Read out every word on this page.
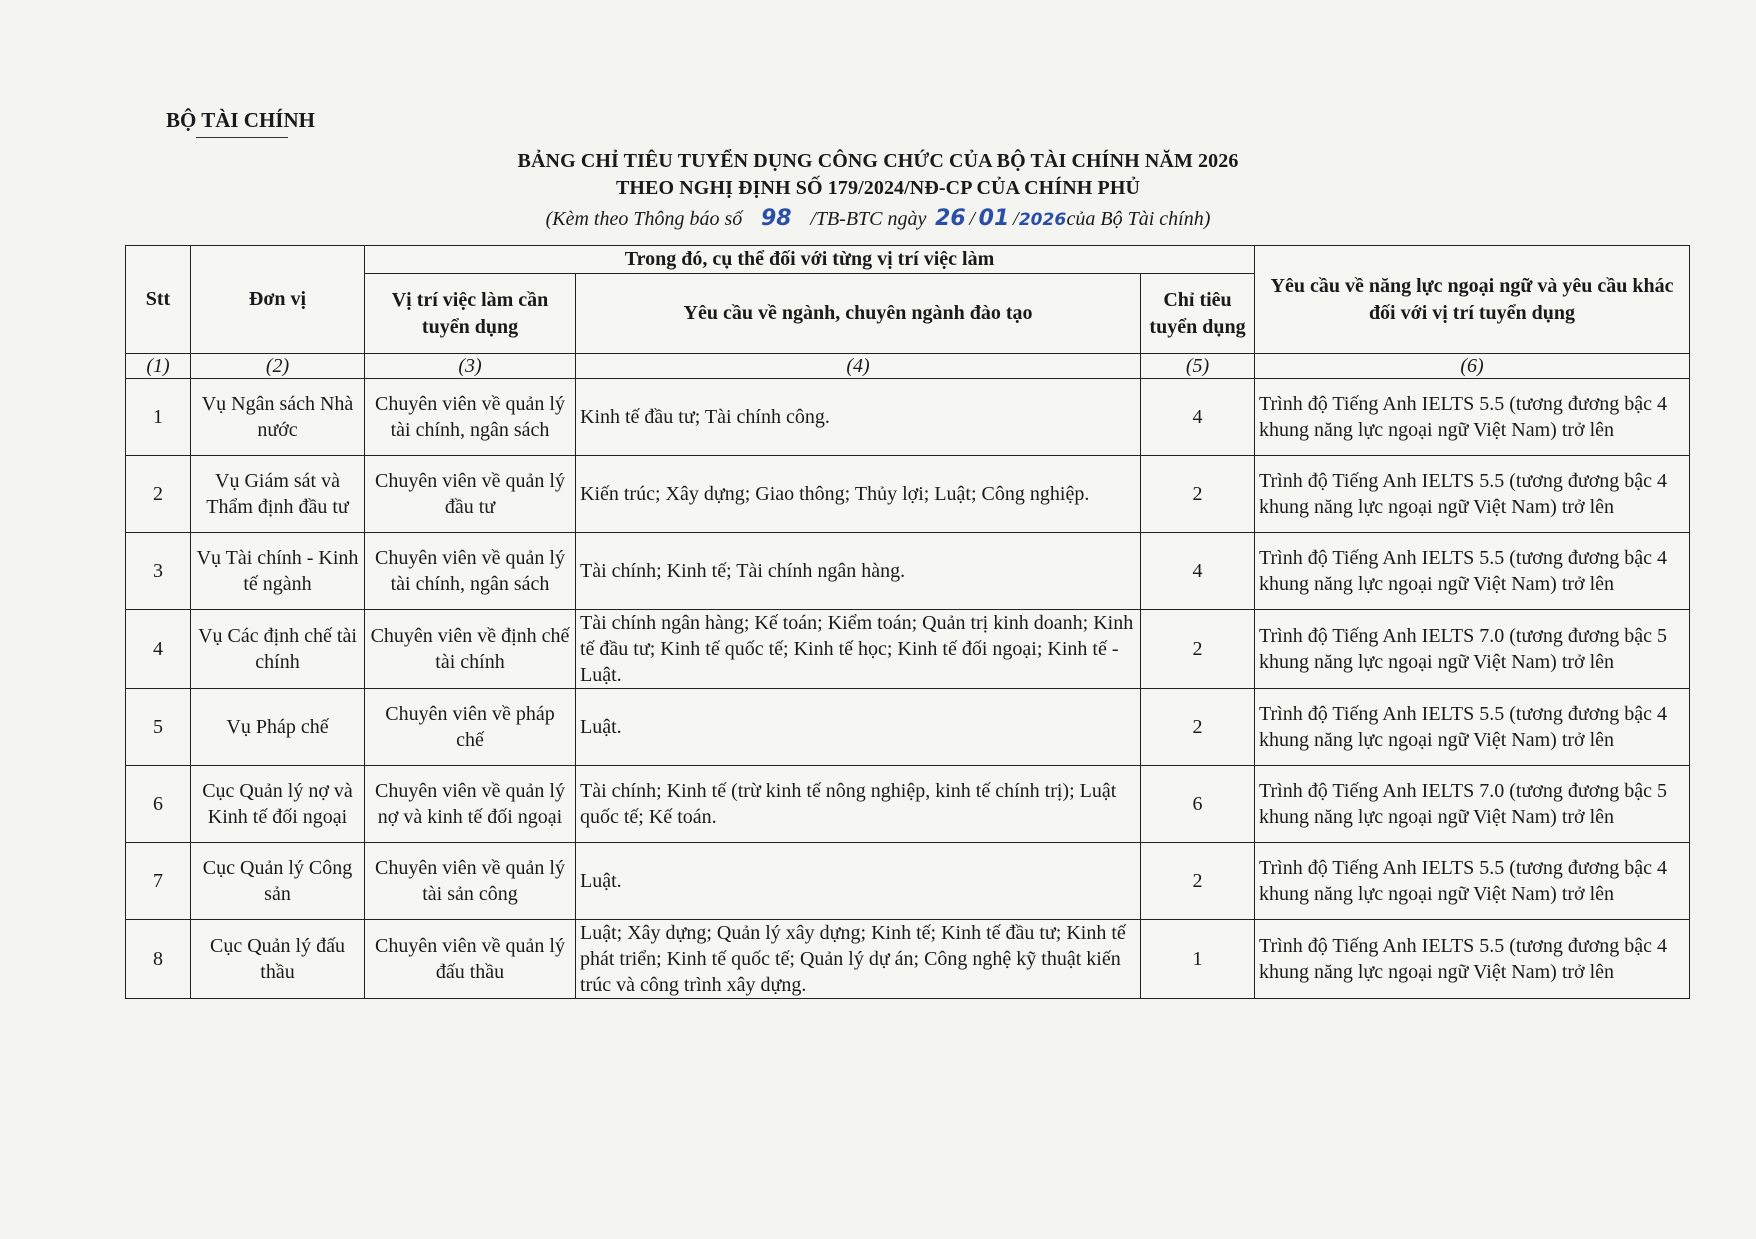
BỘ TÀI CHÍNH
BẢNG CHỈ TIÊU TUYỂN DỤNG CÔNG CHỨC CỦA BỘ TÀI CHÍNH NĂM 2026
THEO NGHỊ ĐỊNH SỐ 179/2024/NĐ-CP CỦA CHÍNH PHỦ
(Kèm theo Thông báo số 98 /TB-BTC ngày 26 / 01 /2026của Bộ Tài chính)
Stt	Đơn vị	Trong đó, cụ thể đối với từng vị trí việc làm			Yêu cầu về năng lực ngoại ngữ và yêu cầu khác đối với vị trí tuyển dụng
		Vị trí việc làm cần tuyển dụng	Yêu cầu về ngành, chuyên ngành đào tạo	Chỉ tiêu tuyển dụng	
(1)	(2)	(3)	(4)	(5)	(6)
1	Vụ Ngân sách Nhà nước	Chuyên viên về quản lý tài chính, ngân sách	Kinh tế đầu tư; Tài chính công.	4	Trình độ Tiếng Anh IELTS 5.5 (tương đương bậc 4 khung năng lực ngoại ngữ Việt Nam) trở lên
2	Vụ Giám sát và Thẩm định đầu tư	Chuyên viên về quản lý đầu tư	Kiến trúc; Xây dựng; Giao thông; Thủy lợi; Luật; Công nghiệp.	2	Trình độ Tiếng Anh IELTS 5.5 (tương đương bậc 4 khung năng lực ngoại ngữ Việt Nam) trở lên
3	Vụ Tài chính - Kinh tế ngành	Chuyên viên về quản lý tài chính, ngân sách	Tài chính; Kinh tế; Tài chính ngân hàng.	4	Trình độ Tiếng Anh IELTS 5.5 (tương đương bậc 4 khung năng lực ngoại ngữ Việt Nam) trở lên
4	Vụ Các định chế tài chính	Chuyên viên về định chế tài chính	Tài chính ngân hàng; Kế toán; Kiểm toán; Quản trị kinh doanh; Kinh tế đầu tư; Kinh tế quốc tế; Kinh tế học; Kinh tế đối ngoại; Kinh tế - Luật.	2	Trình độ Tiếng Anh IELTS 7.0 (tương đương bậc 5 khung năng lực ngoại ngữ Việt Nam) trở lên
5	Vụ Pháp chế	Chuyên viên về pháp chế	Luật.	2	Trình độ Tiếng Anh IELTS 5.5 (tương đương bậc 4 khung năng lực ngoại ngữ Việt Nam) trở lên
6	Cục Quản lý nợ và Kinh tế đối ngoại	Chuyên viên về quản lý nợ và kinh tế đối ngoại	Tài chính; Kinh tế (trừ kinh tế nông nghiệp, kinh tế chính trị); Luật quốc tế; Kế toán.	6	Trình độ Tiếng Anh IELTS 7.0 (tương đương bậc 5 khung năng lực ngoại ngữ Việt Nam) trở lên
7	Cục Quản lý Công sản	Chuyên viên về quản lý tài sản công	Luật.	2	Trình độ Tiếng Anh IELTS 5.5 (tương đương bậc 4 khung năng lực ngoại ngữ Việt Nam) trở lên
8	Cục Quản lý đấu thầu	Chuyên viên về quản lý đấu thầu	Luật; Xây dựng; Quản lý xây dựng; Kinh tế; Kinh tế đầu tư; Kinh tế phát triển; Kinh tế quốc tế; Quản lý dự án; Công nghệ kỹ thuật kiến trúc và công trình xây dựng.	1	Trình độ Tiếng Anh IELTS 5.5 (tương đương bậc 4 khung năng lực ngoại ngữ Việt Nam) trở lên
